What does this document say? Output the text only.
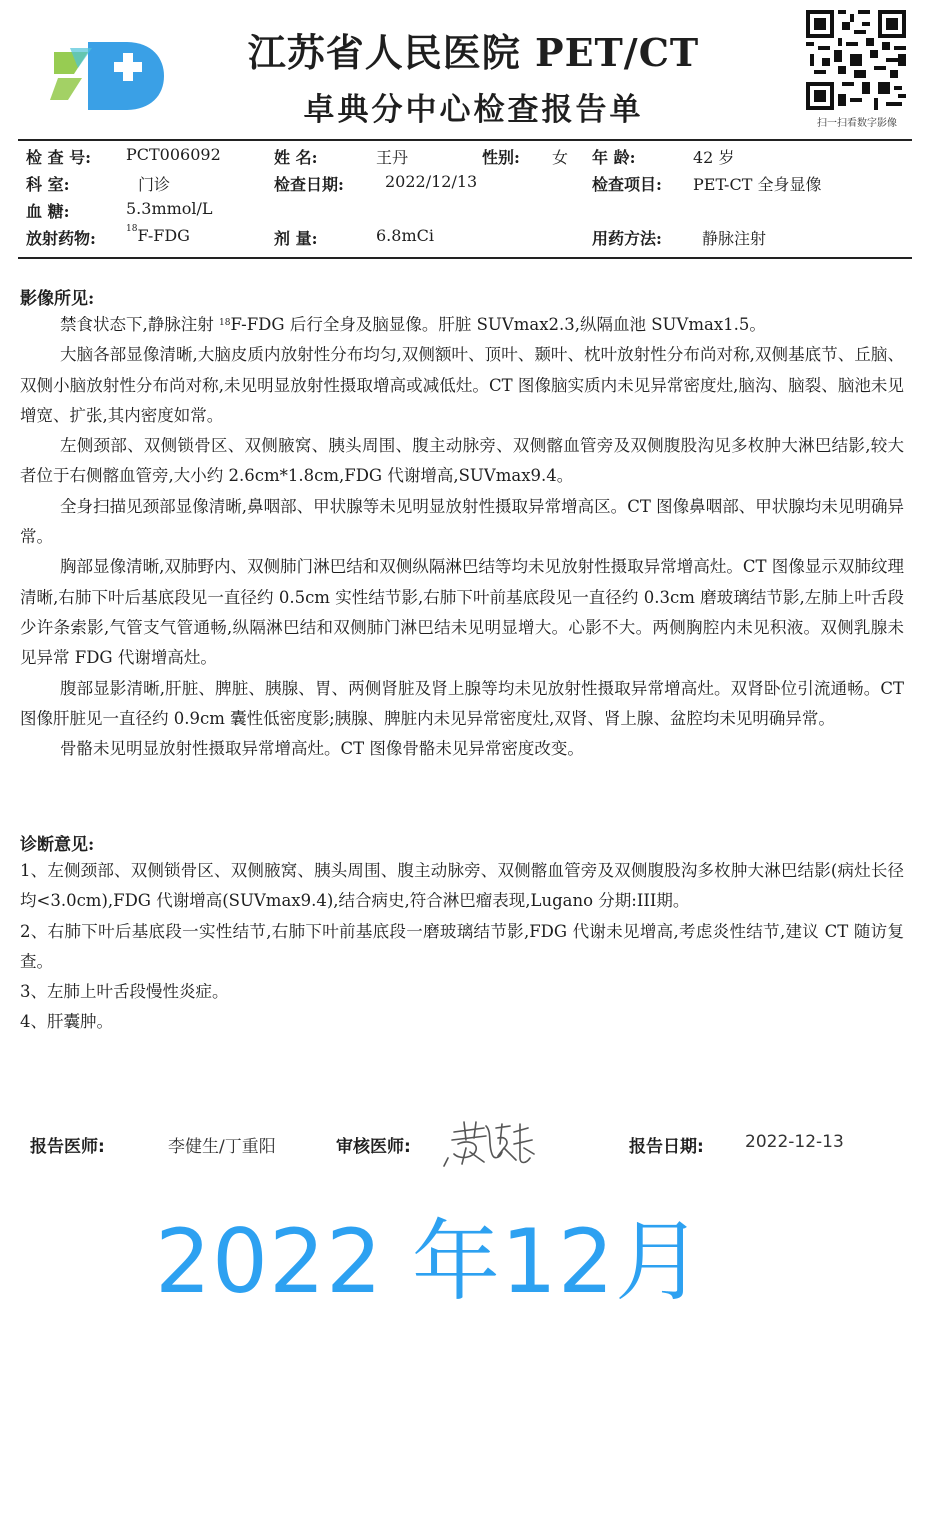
江苏省人民医院 PET/CT
卓典分中心检查报告单	扫一扫看数字影像
检 查 号: PCT006092	姓 名:	王丹	性别: 女 年 龄:	42 岁
科 室:	门诊	检查日期:	2022/12/13	检查项目: PET-CT 全身显像
血 糖:	5.3mmol/L
放射药物:	$^{18}$F-FDG	剂 量:	6.8mCi	用药方法:	静脉注射
影像所见:

禁食状态下,静脉注射 $^{18}$F-FDG 后行全身及脑显像。肝脏 SUVmax2.3,纵隔血池 SUVmax1.5。

大脑各部显像清晰,大脑皮质内放射性分布均匀,双侧额叶、顶叶、颞叶、枕叶放射性分布尚对称,双侧基底节、丘脑、双侧小脑放射性分布尚对称,未见明显放射性摄取增高或减低灶。CT 图像脑实质内未见异常密度灶,脑沟、脑裂、脑池未见增宽、扩张,其内密度如常。

左侧颈部、双侧锁骨区、双侧腋窝、胰头周围、腹主动脉旁、双侧髂血管旁及双侧腹股沟见多枚肿大淋巴结影,较大者位于右侧髂血管旁,大小约 2.6cm*1.8cm,FDG 代谢增高,SUVmax9.4。

全身扫描见颈部显像清晰,鼻咽部、甲状腺等未见明显放射性摄取异常增高区。CT 图像鼻咽部、甲状腺均未见明确异常。

胸部显像清晰,双肺野内、双侧肺门淋巴结和双侧纵隔淋巴结等均未见放射性摄取异常增高灶。CT 图像显示双肺纹理清晰,右肺下叶后基底段见一直径约 0.5cm 实性结节影,右肺下叶前基底段见一直径约 0.3cm 磨玻璃结节影,左肺上叶舌段少许条索影,气管支气管通畅,纵隔淋巴结和双侧肺门淋巴结未见明显增大。心影不大。两侧胸腔内未见积液。双侧乳腺未见异常 FDG 代谢增高灶。

腹部显影清晰,肝脏、脾脏、胰腺、胃、两侧肾脏及肾上腺等均未见放射性摄取异常增高灶。双肾卧位引流通畅。CT 图像肝脏见一直径约 0.9cm 囊性低密度影;胰腺、脾脏内未见异常密度灶,双肾、肾上腺、盆腔均未见明确异常。

骨骼未见明显放射性摄取异常增高灶。CT 图像骨骼未见异常密度改变。

诊断意见:

1、左侧颈部、双侧锁骨区、双侧腋窝、胰头周围、腹主动脉旁、双侧髂血管旁及双侧腹股沟多枚肿大淋巴结影(病灶长径均<3.0cm),FDG 代谢增高(SUVmax9.4),结合病史,符合淋巴瘤表现,Lugano 分期:III期。

2、右肺下叶后基底段一实性结节,右肺下叶前基底段一磨玻璃结节影,FDG 代谢未见增高,考虑炎性结节,建议 CT 随访复查。

3、左肺上叶舌段慢性炎症。

4、肝囊肿。

报告医师:	李健生/丁重阳	审核医师:	报告日期: 2022-12-13
2022 年12月
